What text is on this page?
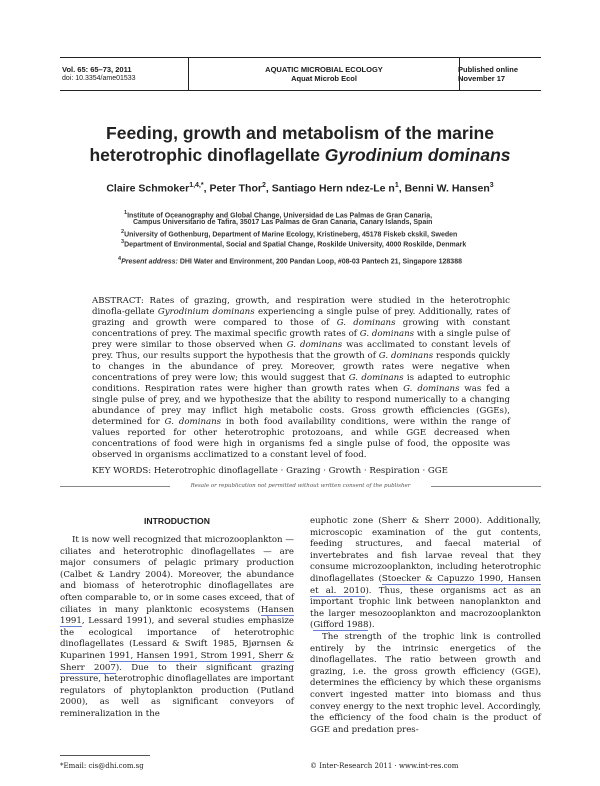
Vol. 65: 65–73, 2011
doi: 10.3354/ame01533
AQUATIC MICROBIAL ECOLOGY
Aquat Microb Ecol
Published online November 17
Feeding, growth and metabolism of the marine
heterotrophic dinoflagellate Gyrodinium dominans
Claire Schmoker$^{1,4,*}$, Peter Thor$^2$, Santiago Hern ndez-Le $n^1$, Benni W. Hansen$^3$
$^1$Institute of Oceanography and Global Change, Universidad de Las Palmas de Gran Canaria,
Campus Universitario de Tafira, 35017 Las Palmas de Gran Canaria, Canary Islands, Spain
$^2$University of Gothenburg, Department of Marine Ecology, Kristineberg, 45178 Fiskeb ckskil, Sweden
$^3$Department of Environmental, Social and Spatial Change, Roskilde University, 4000 Roskilde, Denmark
$^4$Present address: DHI Water and Environment, 200 Pandan Loop, #08-03 Pantech 21, Singapore 128388
ABSTRACT: Rates of grazing, growth, and respiration were studied in the heterotrophic dinofla-gellate Gyrodinium dominans experiencing a single pulse of prey. Additionally, rates of grazing and growth were compared to those of G. dominans growing with constant concentrations of prey. The maximal specific growth rates of G. dominans with a single pulse of prey were similar to those observed when G. dominans was acclimated to constant levels of prey. Thus, our results support the hypothesis that the growth of G. dominans responds quickly to changes in the abundance of prey. Moreover, growth rates were negative when concentrations of prey were low; this would suggest that G. dominans is adapted to eutrophic conditions. Respiration rates were higher than growth rates when G. dominans was fed a single pulse of prey, and we hypothesize that the ability to respond numerically to a changing abundance of prey may inflict high metabolic costs. Gross growth efficiencies (GGEs), determined for G. dominans in both food availability conditions, were within the range of values reported for other heterotrophic protozoans, and while GGE decreased when concentrations of food were high in organisms fed a single pulse of food, the opposite was observed in organisms acclimatized to a constant level of food.
KEY WORDS: Heterotrophic dinoflagellate · Grazing · Growth · Respiration · GGE
Resale or republication not permitted without written consent of the publisher
INTRODUCTION

It is now well recognized that microzooplankton — ciliates and heterotrophic dinoflagellates — are major consumers of pelagic primary production (Calbet & Landry 2004). Moreover, the abundance and biomass of heterotrophic dinoflagellates are often comparable to, or in some cases exceed, that of ciliates in many planktonic ecosystems (Hansen 1991, Lessard 1991), and several studies emphasize the ecological importance of heterotrophic dinoflagellates (Lessard & Swift 1985, Bjørnsen & Kuparinen 1991, Hansen 1991, Strom 1991, Sherr & Sherr 2007). Due to their significant grazing pressure, heterotrophic dinoflagellates are important regulators of phytoplankton production (Putland 2000), as well as significant conveyors of remineralization in the

euphotic zone (Sherr & Sherr 2000). Additionally, microscopic examination of the gut contents, feeding structures, and faecal material of invertebrates and fish larvae reveal that they consume microzooplankton, including heterotrophic dinoflagellates (Stoecker & Capuzzo 1990, Hansen et al. 2010). Thus, these organisms act as an important trophic link between nanoplankton and the larger mesozooplankton and macrozooplankton (Gifford 1988).

The strength of the trophic link is controlled entirely by the intrinsic energetics of the dinoflagellates. The ratio between growth and grazing, i.e. the gross growth efficiency (GGE), determines the efficiency by which these organisms convert ingested matter into biomass and thus convey energy to the next trophic level. Accordingly, the efficiency of the food chain is the product of GGE and predation pres-

*Email: cis@dhi.com.sg	© Inter-Research 2011 · www.int-res.com
